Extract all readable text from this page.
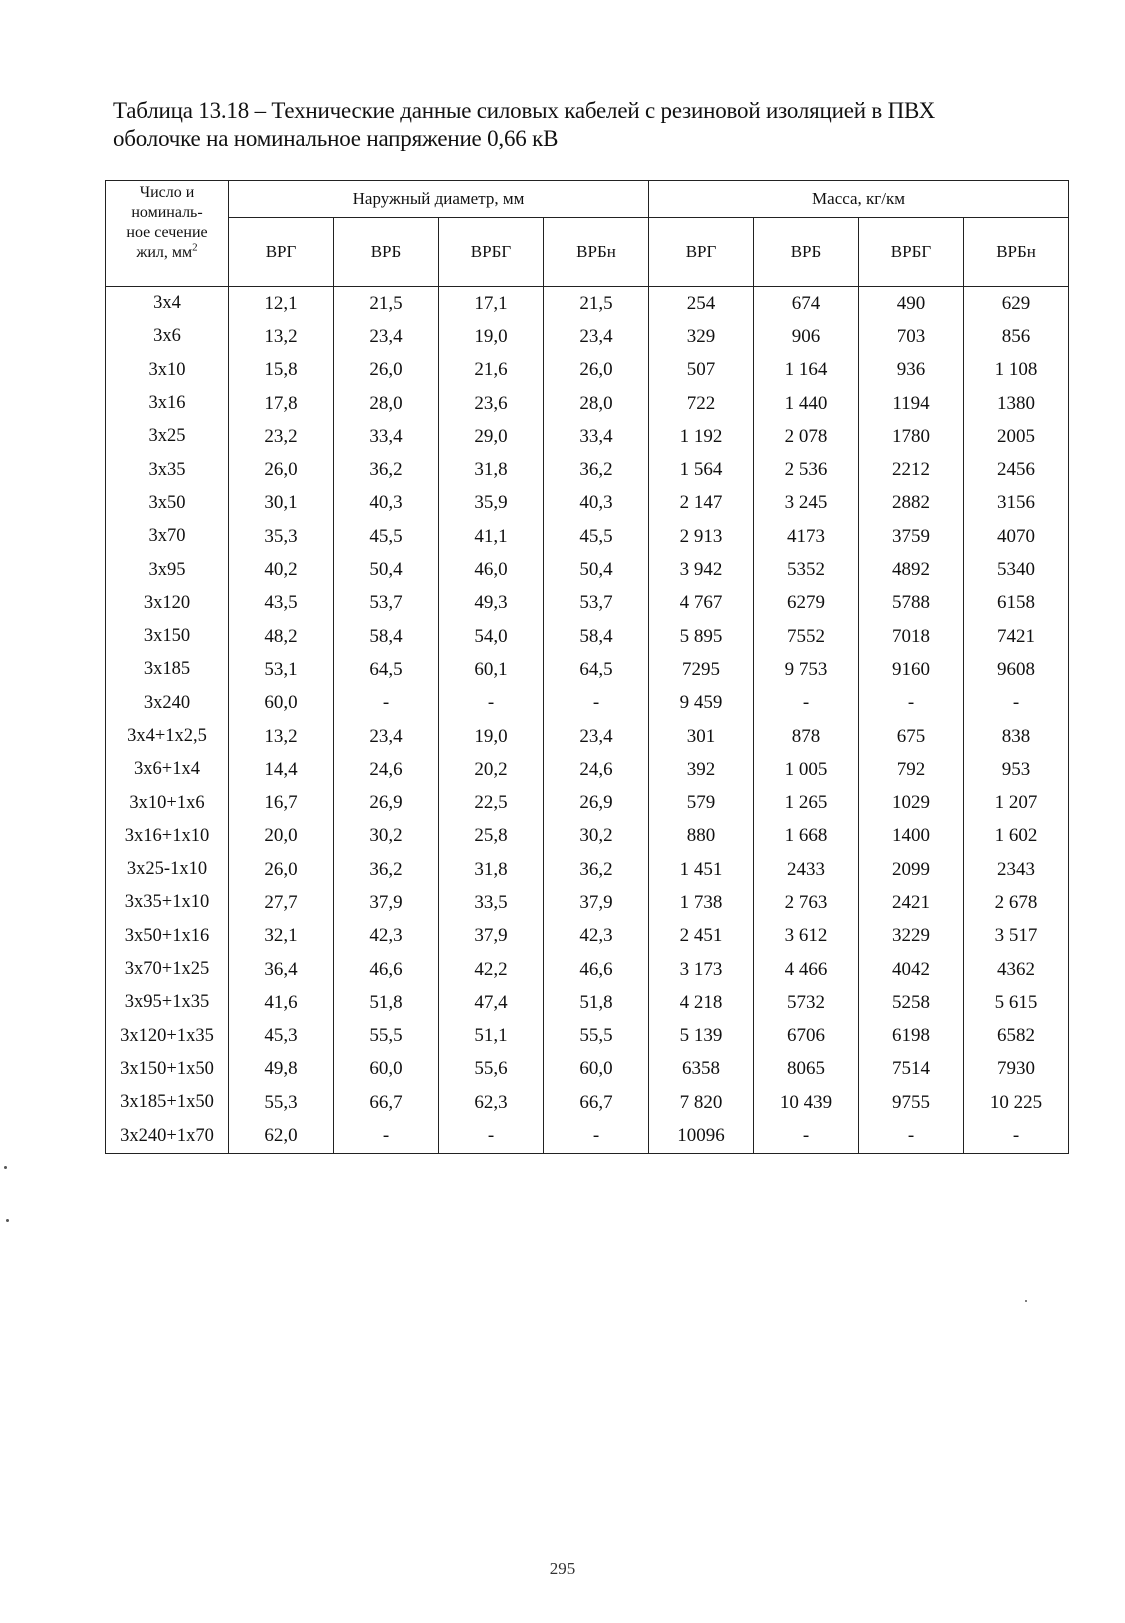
Таблица 13.18 – Технические данные силовых кабелей с резиновой изоляцией в ПВХ
оболочке на номинальное напряжение 0,66 кВ
Число и
номиналь-
ное сечение
жил, $мм^2$	Наружный диаметр, мм				Масса, кг/км			
	ВРГ	ВРБ	ВРБГ	ВРБн	ВРГ	ВРБ	ВРБГ	ВРБн
3x4	12,1	21,5	17,1	21,5	254	674	490	629
3x6	13,2	23,4	19,0	23,4	329	906	703	856
3x10	15,8	26,0	21,6	26,0	507	1 164	936	1 108
3x16	17,8	28,0	23,6	28,0	722	1 440	1194	1380
3x25	23,2	33,4	29,0	33,4	1 192	2 078	1780	2005
3x35	26,0	36,2	31,8	36,2	1 564	2 536	2212	2456
3x50	30,1	40,3	35,9	40,3	2 147	3 245	2882	3156
3x70	35,3	45,5	41,1	45,5	2 913	4173	3759	4070
3x95	40,2	50,4	46,0	50,4	3 942	5352	4892	5340
3x120	43,5	53,7	49,3	53,7	4 767	6279	5788	6158
3x150	48,2	58,4	54,0	58,4	5 895	7552	7018	7421
3x185	53,1	64,5	60,1	64,5	7295	9 753	9160	9608
3x240	60,0	-	-	-	9 459	-	-	-
3x4+1x2,5	13,2	23,4	19,0	23,4	301	878	675	838
3x6+1x4	14,4	24,6	20,2	24,6	392	1 005	792	953
3x10+1x6	16,7	26,9	22,5	26,9	579	1 265	1029	1 207
3x16+1x10	20,0	30,2	25,8	30,2	880	1 668	1400	1 602
3x25-1x10	26,0	36,2	31,8	36,2	1 451	2433	2099	2343
3x35+1x10	27,7	37,9	33,5	37,9	1 738	2 763	2421	2 678
3x50+1x16	32,1	42,3	37,9	42,3	2 451	3 612	3229	3 517
3x70+1x25	36,4	46,6	42,2	46,6	3 173	4 466	4042	4362
3x95+1x35	41,6	51,8	47,4	51,8	4 218	5732	5258	5 615
3x120+1x35	45,3	55,5	51,1	55,5	5 139	6706	6198	6582
3x150+1x50	49,8	60,0	55,6	60,0	6358	8065	7514	7930
3x185+1x50	55,3	66,7	62,3	66,7	7 820	10 439	9755	10 225
3x240+1x70	62,0	-	-	-	10096	-	-	-
295
